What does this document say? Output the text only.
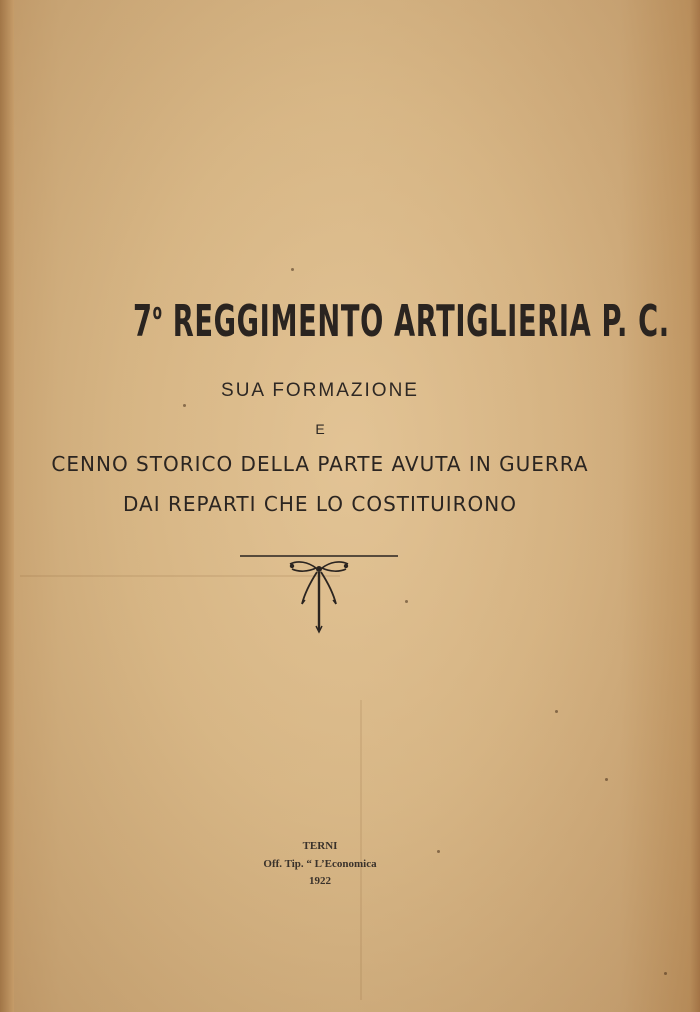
7$^o$ REGGIMENTO ARTIGLIERIA P. C.
SUA FORMAZIONE
E
CENNO STORICO DELLA PARTE AVUTA IN GUERRA
DAI REPARTI CHE LO COSTITUIRONO
TERNI
Off. Tip. “ L’Economica
1922
